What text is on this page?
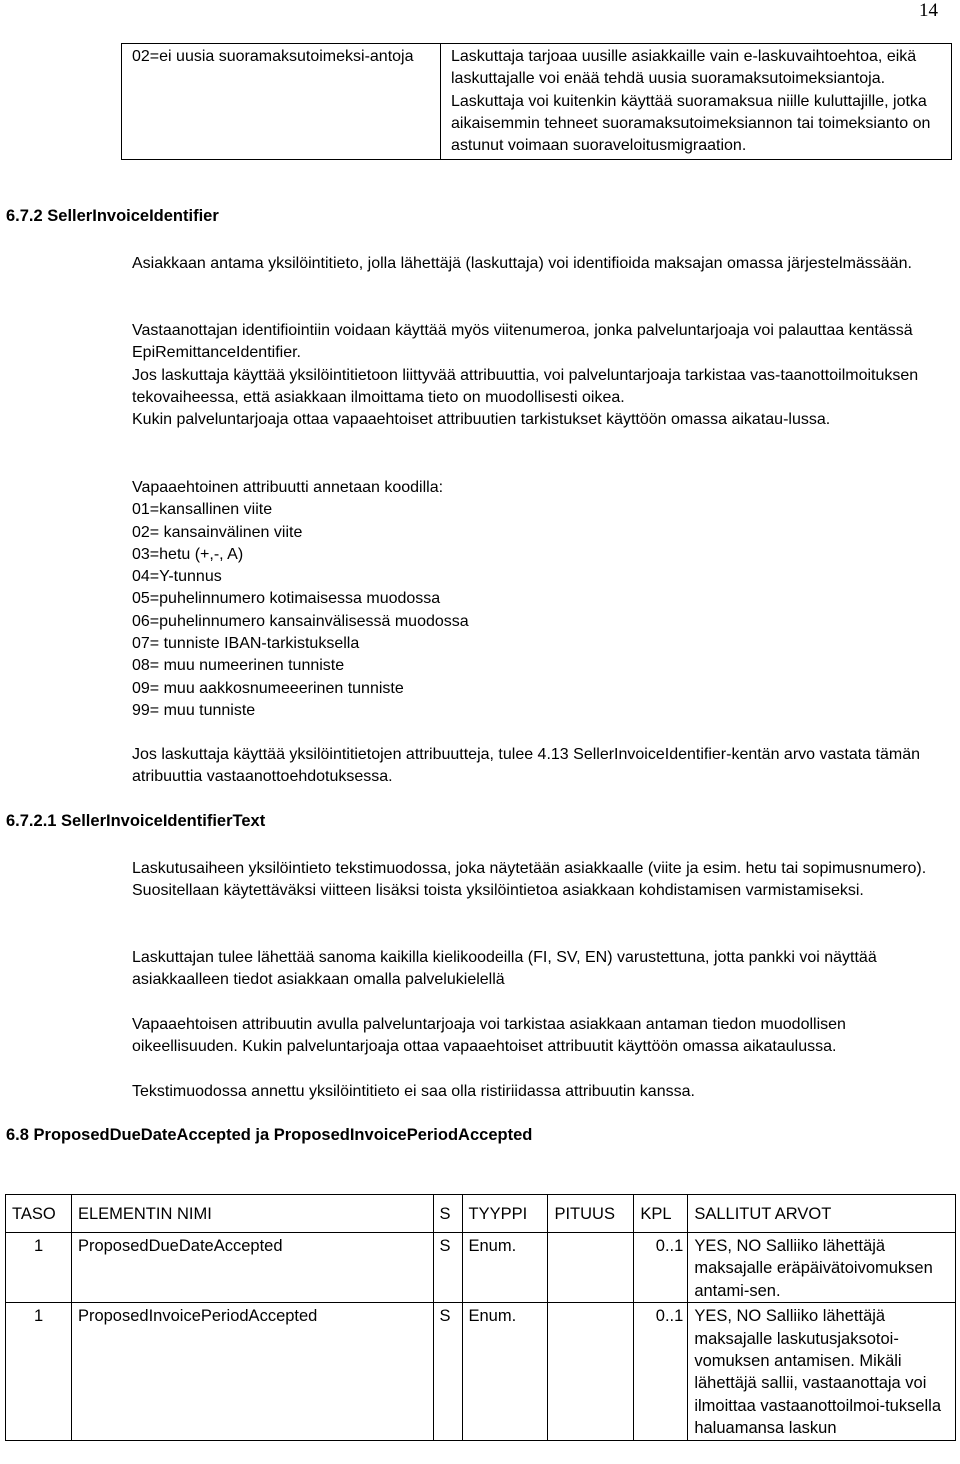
14
02=ei uusia suoramaksutoimeksi-antoja	Laskuttaja tarjoaa uusille asiakkaille vain e-laskuvaihtoehtoa, eikä laskuttajalle voi enää tehdä uusia suoramaksutoimeksiantoja. Laskuttaja voi kuitenkin käyttää suoramaksua niille kuluttajille, jotka aikaisemmin tehneet suoramaksutoimeksiannon tai toimeksianto on astunut voimaan suoraveloitusmigraation.
6.7.2 SellerInvoiceIdentifier
Asiakkaan antama yksilöintitieto, jolla lähettäjä (laskuttaja) voi identifioida maksajan omassa järjestelmässään.
Vastaanottajan identifiointiin voidaan käyttää myös viitenumeroa, jonka palveluntarjoaja voi palauttaa kentässä EpiRemittanceIdentifier.
Jos laskuttaja käyttää yksilöintitietoon liittyvää attribuuttia, voi palveluntarjoaja tarkistaa vas-taanottoilmoituksen tekovaiheessa, että asiakkaan ilmoittama tieto on muodollisesti oikea.
Kukin palveluntarjoaja ottaa vapaaehtoiset attribuutien tarkistukset käyttöön omassa aikatau-lussa.
Vapaaehtoinen attribuutti annetaan koodilla:
01=kansallinen viite
02= kansainvälinen viite
03=hetu (+,-, A)
04=Y-tunnus
05=puhelinnumero kotimaisessa muodossa
06=puhelinnumero kansainvälisessä muodossa
07= tunniste IBAN-tarkistuksella
08= muu numeerinen tunniste
09= muu aakkosnumeeerinen tunniste
99= muu tunniste
Jos laskuttaja käyttää yksilöintitietojen attribuutteja, tulee 4.13 SellerInvoiceIdentifier-kentän arvo vastata tämän atribuuttia vastaanottoehdotuksessa.
6.7.2.1 SellerInvoiceIdentifierText
Laskutusaiheen yksilöintieto tekstimuodossa, joka näytetään asiakkaalle (viite ja esim. hetu tai sopimusnumero). Suositellaan käytettäväksi viitteen lisäksi toista yksilöintietoa asiakkaan kohdistamisen varmistamiseksi.
Laskuttajan tulee lähettää sanoma kaikilla kielikoodeilla (FI, SV, EN) varustettuna, jotta pankki voi näyttää asiakkaalleen tiedot asiakkaan omalla palvelukielellä
Vapaaehtoisen attribuutin avulla palveluntarjoaja voi tarkistaa asiakkaan antaman tiedon muodollisen oikeellisuuden. Kukin palveluntarjoaja ottaa vapaaehtoiset attribuutit käyttöön omassa aikataulussa.
Tekstimuodossa annettu yksilöintitieto ei saa olla ristiriidassa attribuutin kanssa.
6.8 ProposedDueDateAccepted ja ProposedInvoicePeriodAccepted
TASO	ELEMENTIN NIMI	S	TYYPPI	PITUUS	KPL	SALLITUT ARVOT
1	ProposedDueDateAccepted	S	Enum.		0..1	YES, NO Salliiko lähettäjä maksajalle eräpäivätoivomuksen antami-sen.
1	ProposedInvoicePeriodAccepted	S	Enum.		0..1	YES, NO Salliiko lähettäjä maksajalle laskutusjaksotoi-vomuksen antamisen. Mikäli lähettäjä sallii, vastaanottaja voi ilmoittaa vastaanottoilmoi-tuksella haluamansa laskun
